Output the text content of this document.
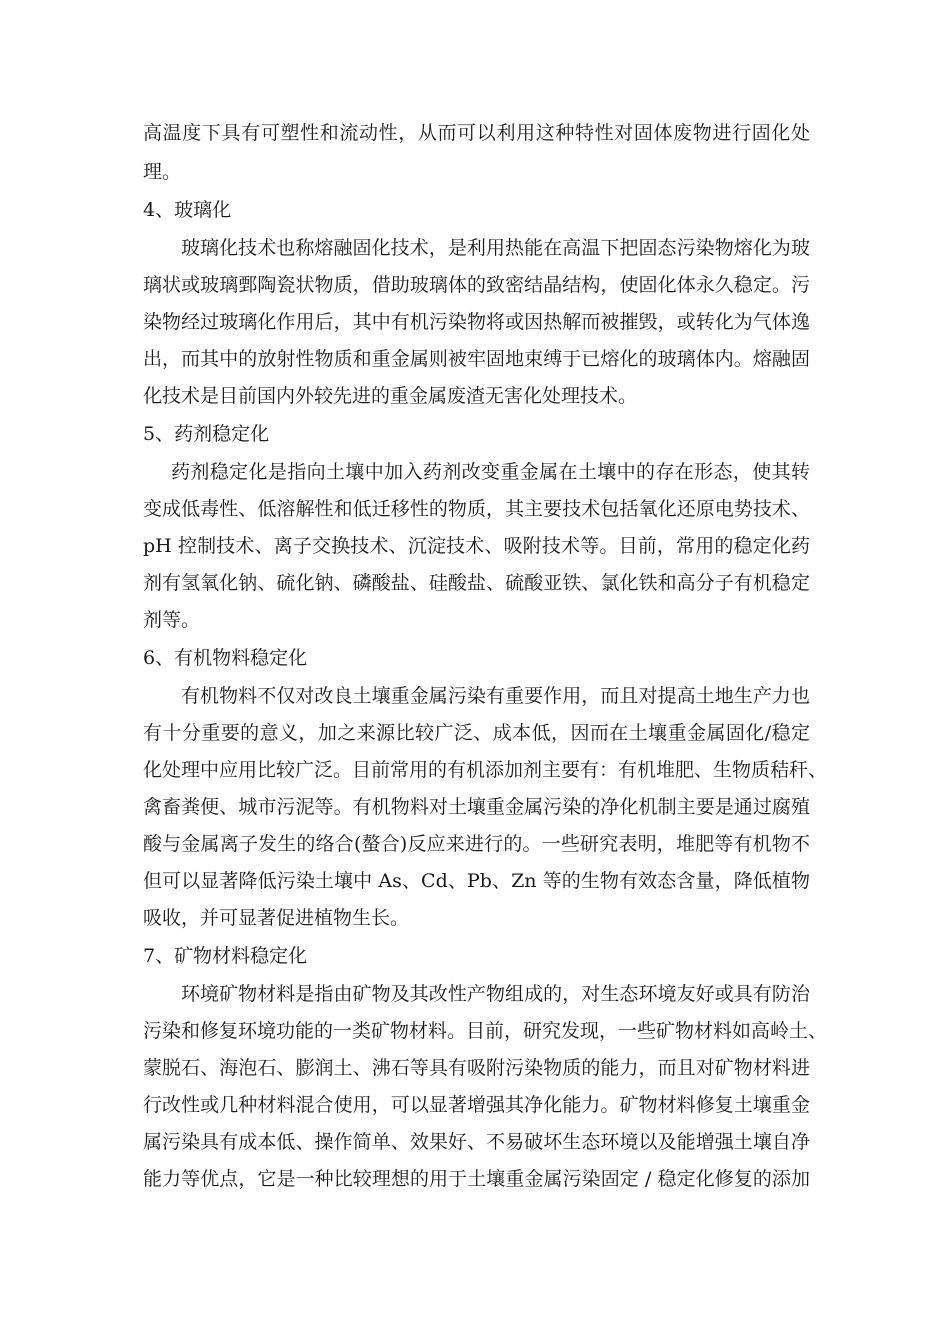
高温度下具有可塑性和流动性，从而可以利用这种特性对固体废物进行固化处
理。
4、玻璃化
玻璃化技术也称熔融固化技术，是利用热能在高温下把固态污染物熔化为玻
璃状或玻璃鄄陶瓷状物质，借助玻璃体的致密结晶结构，使固化体永久稳定。污
染物经过玻璃化作用后，其中有机污染物将或因热解而被摧毁，或转化为气体逸
出，而其中的放射性物质和重金属则被牢固地束缚于已熔化的玻璃体内。熔融固
化技术是目前国内外较先进的重金属废渣无害化处理技术。
5、药剂稳定化
药剂稳定化是指向土壤中加入药剂改变重金属在土壤中的存在形态，使其转
变成低毒性、低溶解性和低迁移性的物质，其主要技术包括氧化还原电势技术、
pH 控制技术、离子交换技术、沉淀技术、吸附技术等。目前，常用的稳定化药
剂有氢氧化钠、硫化钠、磷酸盐、硅酸盐、硫酸亚铁、氯化铁和高分子有机稳定
剂等。
6、有机物料稳定化
有机物料不仅对改良土壤重金属污染有重要作用，而且对提高土地生产力也
有十分重要的意义，加之来源比较广泛、成本低，因而在土壤重金属固化/稳定
化处理中应用比较广泛。目前常用的有机添加剂主要有：有机堆肥、生物质秸秆、
禽畜粪便、城市污泥等。有机物料对土壤重金属污染的净化机制主要是通过腐殖
酸与金属离子发生的络合(螯合)反应来进行的。一些研究表明，堆肥等有机物不
但可以显著降低污染土壤中 As、Cd、Pb、Zn 等的生物有效态含量，降低植物
吸收，并可显著促进植物生长。
7、矿物材料稳定化
环境矿物材料是指由矿物及其改性产物组成的，对生态环境友好或具有防治
污染和修复环境功能的一类矿物材料。目前，研究发现，一些矿物材料如高岭土、
蒙脱石、海泡石、膨润土、沸石等具有吸附污染物质的能力，而且对矿物材料进
行改性或几种材料混合使用，可以显著增强其净化能力。矿物材料修复土壤重金
属污染具有成本低、操作简单、效果好、不易破坏生态环境以及能增强土壤自净
能力等优点，它是一种比较理想的用于土壤重金属污染固定 / 稳定化修复的添加
